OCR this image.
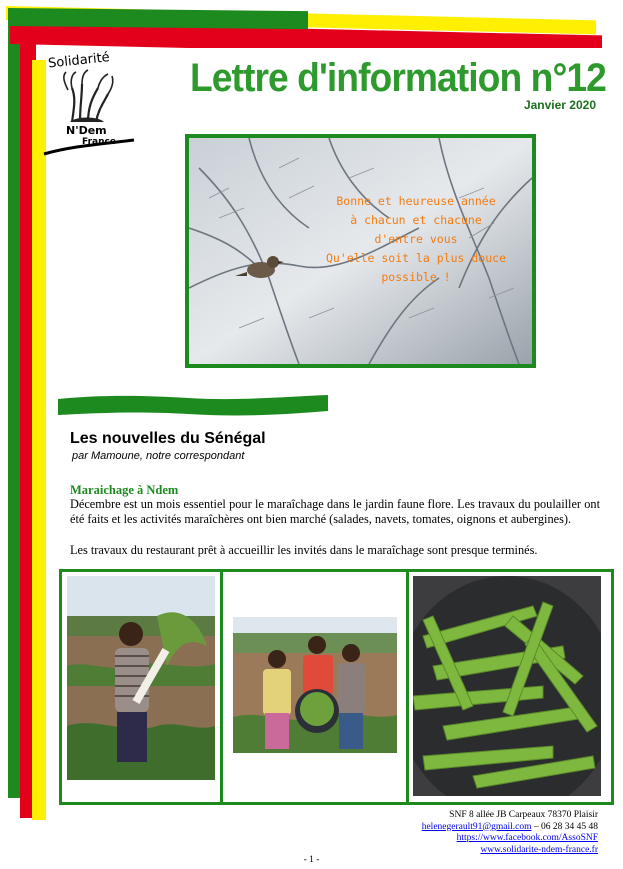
Solidarité
N'Dem
France
Lettre d'information n°12
Janvier 2020
Bonne et heureuse année
à chacun et chacune
d'entre vous
Qu'elle soit la plus douce
possible !
Les nouvelles du Sénégal
par Mamoune, notre correspondant
Maraichage à Ndem
Décembre est un mois essentiel pour le maraîchage dans le jardin faune flore. Les travaux du poulailler ont été faits et les activités maraîchères ont bien marché (salades, navets, tomates, oignons et aubergines).
Les travaux du restaurant prêt à accueillir les invités dans le maraîchage sont presque terminés.
SNF 8 allée JB Carpeaux 78370 Plaisir
helenegerault91@gmail.com – 06 28 34 45 48
https://www.facebook.com/AssoSNF
www.solidarite-ndem-france.fr
- 1 -
